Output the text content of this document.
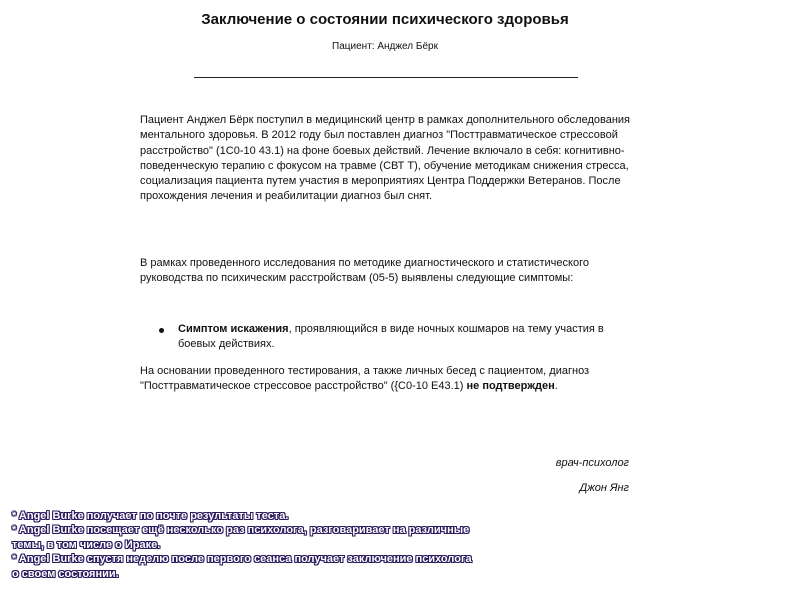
Заключение о состоянии психического здоровья
Пациент: Анджел Бёрк

Пациент Анджел Бёрк поступил в медицинский центр в рамках дополнительного обследования ментального здоровья. В 2012 году был поставлен диагноз "Посттравматическое стрессовой расстройство" (1С0-10 43.1) на фоне боевых действий. Лечение включало в себя: когнитивно-поведенческую терапию с фокусом на травме (СВТ Т), обучение методикам снижения стресса, социализация пациента путем участия в мероприятиях Центра Поддержки Ветеранов. После прохождения лечения и реабилитации диагноз был снят.

В рамках проведенного исследования по методике диагностического и статистического руководства по психическим расстройствам (05-5) выявлены следующие симптомы:

Симптом искажения, проявляющийся в виде ночных кошмаров на тему участия в боевых действиях.

На основании проведенного тестирования, а также личных бесед с пациентом, диагноз "Посттравматическое стрессовое расстройство" ({С0-10 Е43.1) не подтвержден.

врач-психолог
Джон Янг

* Angel Burke получает по почте результаты теста.

* Angel Burke посещает ещё несколько раз психолога, разговаривает на различные темы, в том числе о Ираке.

* Angel Burke спустя неделю после первого сеанса получает заключение психолога о своем состоянии.
